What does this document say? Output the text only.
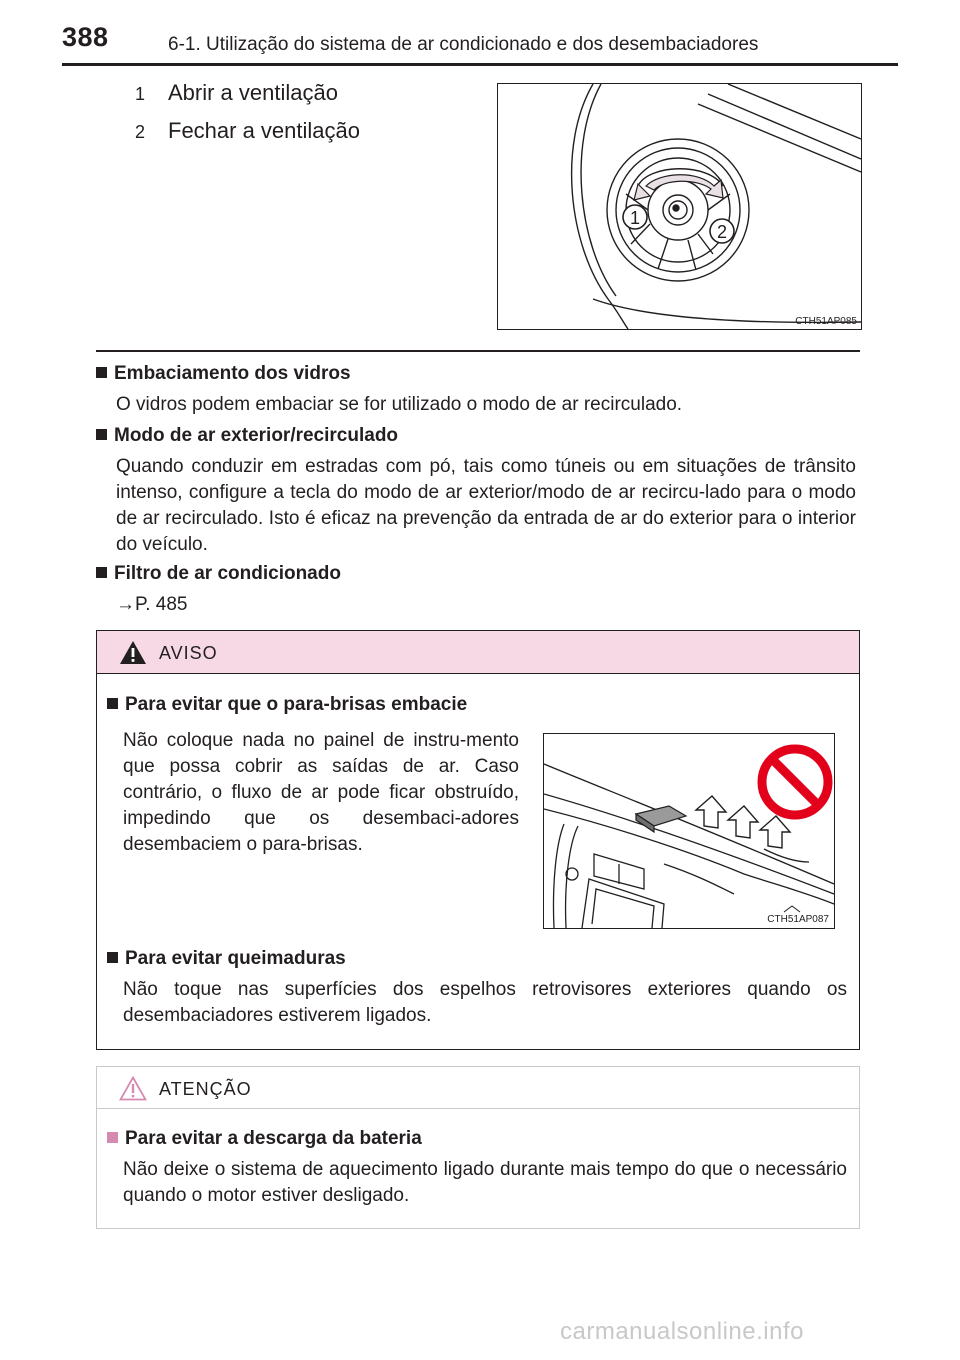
388	6-1. Utilização do sistema de ar condicionado e dos desembaciadores
1 Abrir a ventilação
2 Fechar a ventilação
1
2
CTH51AP085
Embaciamento dos vidros
O vidros podem embaciar se for utilizado o modo de ar recirculado.
Modo de ar exterior/recirculado
Quando conduzir em estradas com pó, tais como túneis ou em situações de trânsito intenso, configure a tecla do modo de ar exterior/modo de ar recircu-lado para o modo de ar recirculado. Isto é eficaz na prevenção da entrada de ar do exterior para o interior do veículo.
Filtro de ar condicionado
→P. 485
AVISO
Para evitar que o para-brisas embacie
Não coloque nada no painel de instru-mento que possa cobrir as saídas de ar. Caso contrário, o fluxo de ar pode ficar obstruído, impedindo que os desembaci-adores desembaciem o para-brisas.
CTH51AP087
Para evitar queimaduras
Não toque nas superfícies dos espelhos retrovisores exteriores quando os desembaciadores estiverem ligados.
ATENÇÃO
Para evitar a descarga da bateria
Não deixe o sistema de aquecimento ligado durante mais tempo do que o necessário quando o motor estiver desligado.
carmanualsonline.info
